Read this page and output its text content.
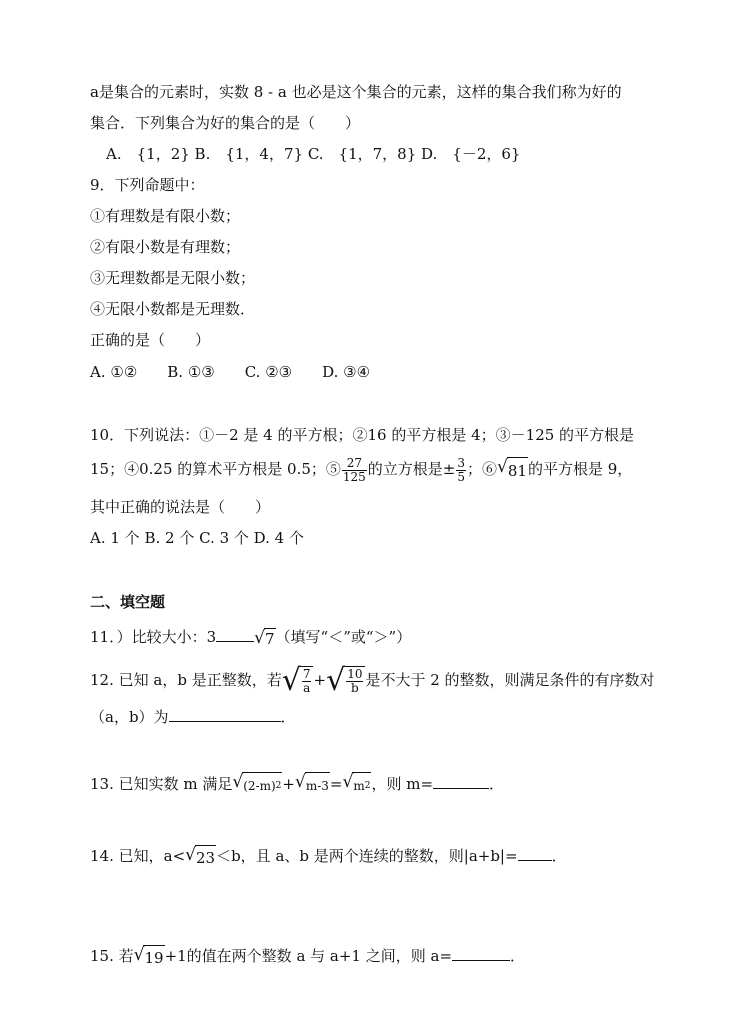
a是集合的元素时，实数 8 - a 也必是这个集合的元素，这样的集合我们称为好的
集合．下列集合为好的集合的是（　　）
A.　{1，2} B.　{1，4，7} C.　{1，7，8} D.　{－2，6}
9．下列命题中：
①有理数是有限小数；
②有限小数是有理数；
③无理数都是无限小数；
④无限小数都是无理数．
正确的是（　　）
A. ①②　　B. ①③　　C. ②③　　D. ③④
10．下列说法：①－2 是 4 的平方根；②16 的平方根是 4；③－125 的平方根是
15；④0.25 的算术平方根是 0.5；⑤ $\frac{27}{125}$ 的立方根是± $\frac{3}{5}$ ；⑥ √ 81 的平方根是 9，
其中正确的说法是（　　）
A. 1 个 B. 2 个 C. 3 个 D. 4 个
二、填空题
11．）比较大小：3 √ 7 （填写“＜”或“＞”）
12. 已知 a，b 是正整数，若 √ $\frac{7}{a}$ + √ $\frac{10}{b}$ 是不大于 2 的整数，则满足条件的有序数对
（a，b）为	．
13. 已知实数 m 满足 √ (2-m) 2 + √ m-3 = √ m 2 ，则 m=	．
14. 已知，a< √ 23 ＜b，且 a、b 是两个连续的整数，则|a+b|= ．
15. 若 √ 19 +1的值在两个整数 a 与 a+1 之间，则 a=	．
